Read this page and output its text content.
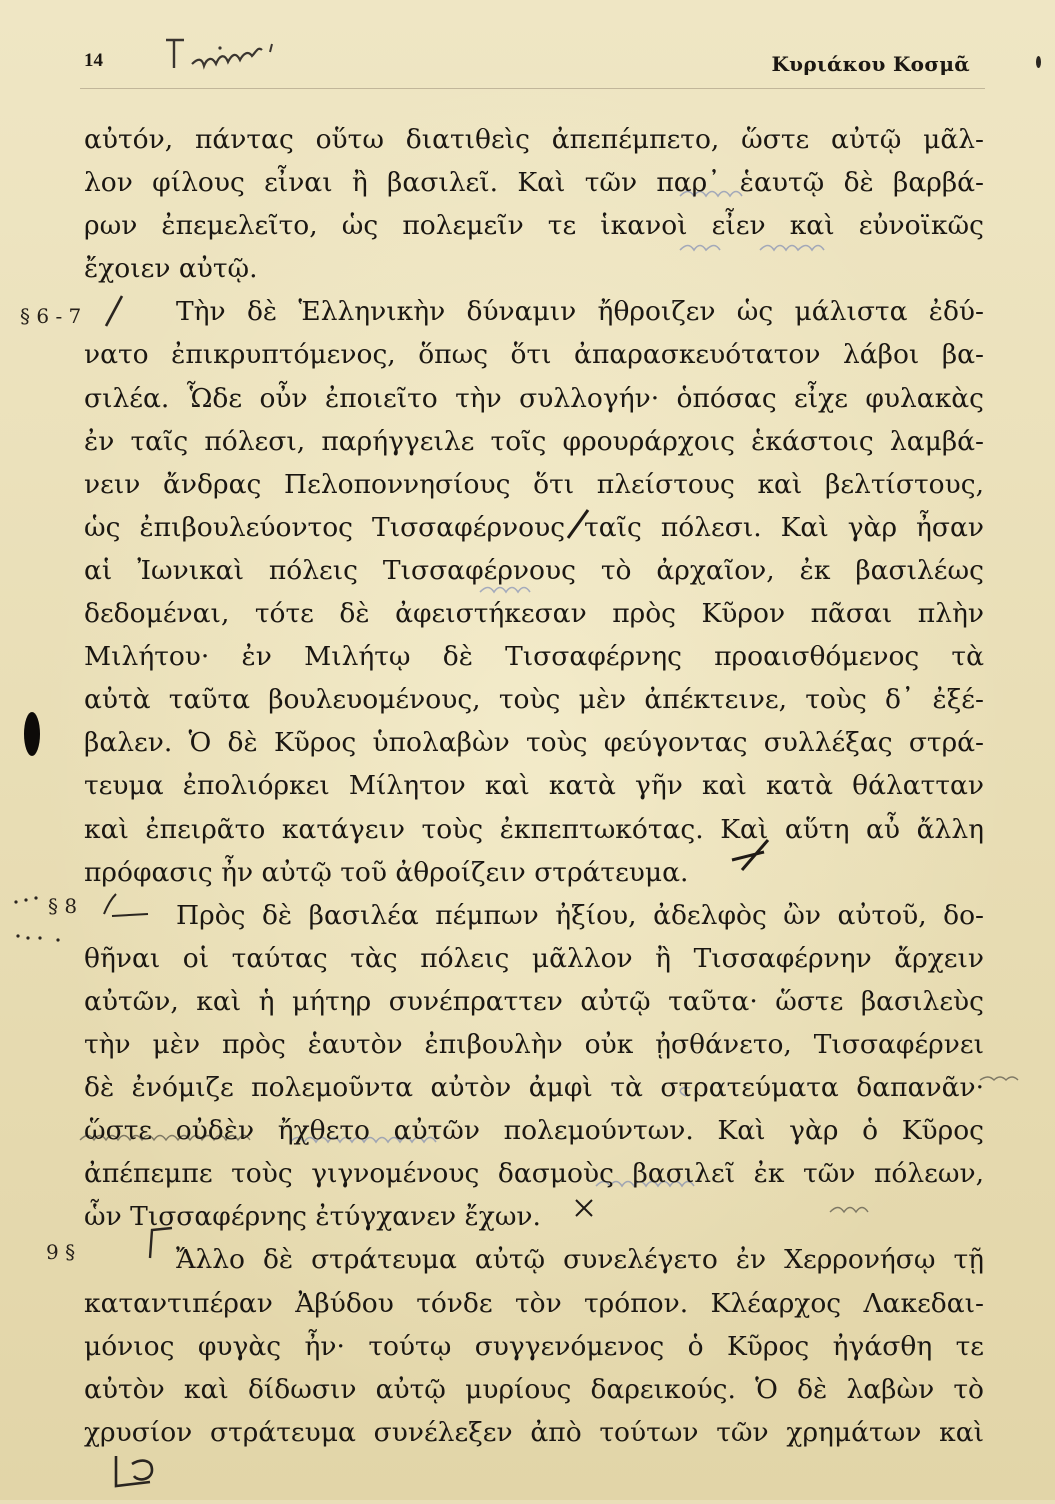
14	Κυριάκου Κοσμᾶ
§ 6 - 7
§ 8
9 §
αὐτόν, πάντας οὕτω διατιθεὶς ἀπεπέμπετο, ὥστε αὐτῷ μᾶλ-
λον φίλους εἶναι ἢ βασιλεῖ. Καὶ τῶν παρ᾽ ἑαυτῷ δὲ βαρβά-
ρων ἐπεμελεῖτο, ὡς πολεμεῖν τε ἱκανοὶ εἶεν καὶ εὐνοϊκῶς
ἔχοιεν αὐτῷ.
Τὴν δὲ Ἑλληνικὴν δύναμιν ἤθροιζεν ὡς μάλιστα ἐδύ-
νατο ἐπικρυπτόμενος, ὅπως ὅτι ἀπαρασκευότατον λάβοι βα-
σιλέα. Ὧδε οὖν ἐποιεῖτο τὴν συλλογήν· ὁπόσας εἶχε φυλακὰς
ἐν ταῖς πόλεσι, παρήγγειλε τοῖς φρουράρχοις ἑκάστοις λαμβά-
νειν ἄνδρας Πελοποννησίους ὅτι πλείστους καὶ βελτίστους,
ὡς ἐπιβουλεύοντος Τισσαφέρνους ταῖς πόλεσι. Καὶ γὰρ ἦσαν
αἱ Ἰωνικαὶ πόλεις Τισσαφέρνους τὸ ἀρχαῖον, ἐκ βασιλέως
δεδομέναι, τότε δὲ ἀφειστήκεσαν πρὸς Κῦρον πᾶσαι πλὴν
Μιλήτου· ἐν Μιλήτῳ δὲ Τισσαφέρνης προαισθόμενος τὰ
αὐτὰ ταῦτα βουλευομένους, τοὺς μὲν ἀπέκτεινε, τοὺς δ᾽ ἐξέ-
βαλεν. Ὁ δὲ Κῦρος ὑπολαβὼν τοὺς φεύγοντας συλλέξας στρά-
τευμα ἐπολιόρκει Μίλητον καὶ κατὰ γῆν καὶ κατὰ θάλατταν
καὶ ἐπειρᾶτο κατάγειν τοὺς ἐκπεπτωκότας. Καὶ αὕτη αὖ ἄλλη
πρόφασις ἦν αὐτῷ τοῦ ἀθροίζειν στράτευμα.
Πρὸς δὲ βασιλέα πέμπων ἠξίου, ἀδελφὸς ὢν αὐτοῦ, δο-
θῆναι οἱ ταύτας τὰς πόλεις μᾶλλον ἢ Τισσαφέρνην ἄρχειν
αὐτῶν, καὶ ἡ μήτηρ συνέπραττεν αὐτῷ ταῦτα· ὥστε βασιλεὺς
τὴν μὲν πρὸς ἑαυτὸν ἐπιβουλὴν οὐκ ᾐσθάνετο, Τισσαφέρνει
δὲ ἐνόμιζε πολεμοῦντα αὐτὸν ἀμφὶ τὰ στρατεύματα δαπανᾶν·
ὥστε οὐδὲν ἤχθετο αὐτῶν πολεμούντων. Καὶ γὰρ ὁ Κῦρος
ἀπέπεμπε τοὺς γιγνομένους δασμοὺς βασιλεῖ ἐκ τῶν πόλεων,
ὧν Τισσαφέρνης ἐτύγχανεν ἔχων.
Ἄλλο δὲ στράτευμα αὐτῷ συνελέγετο ἐν Χερρονήσῳ τῇ
καταντιπέραν Ἀβύδου τόνδε τὸν τρόπον. Κλέαρχος Λακεδαι-
μόνιος φυγὰς ἦν· τούτῳ συγγενόμενος ὁ Κῦρος ἠγάσθη τε
αὐτὸν καὶ δίδωσιν αὐτῷ μυρίους δαρεικούς. Ὁ δὲ λαβὼν τὸ
χρυσίον στράτευμα συνέλεξεν ἀπὸ τούτων τῶν χρημάτων καὶ
